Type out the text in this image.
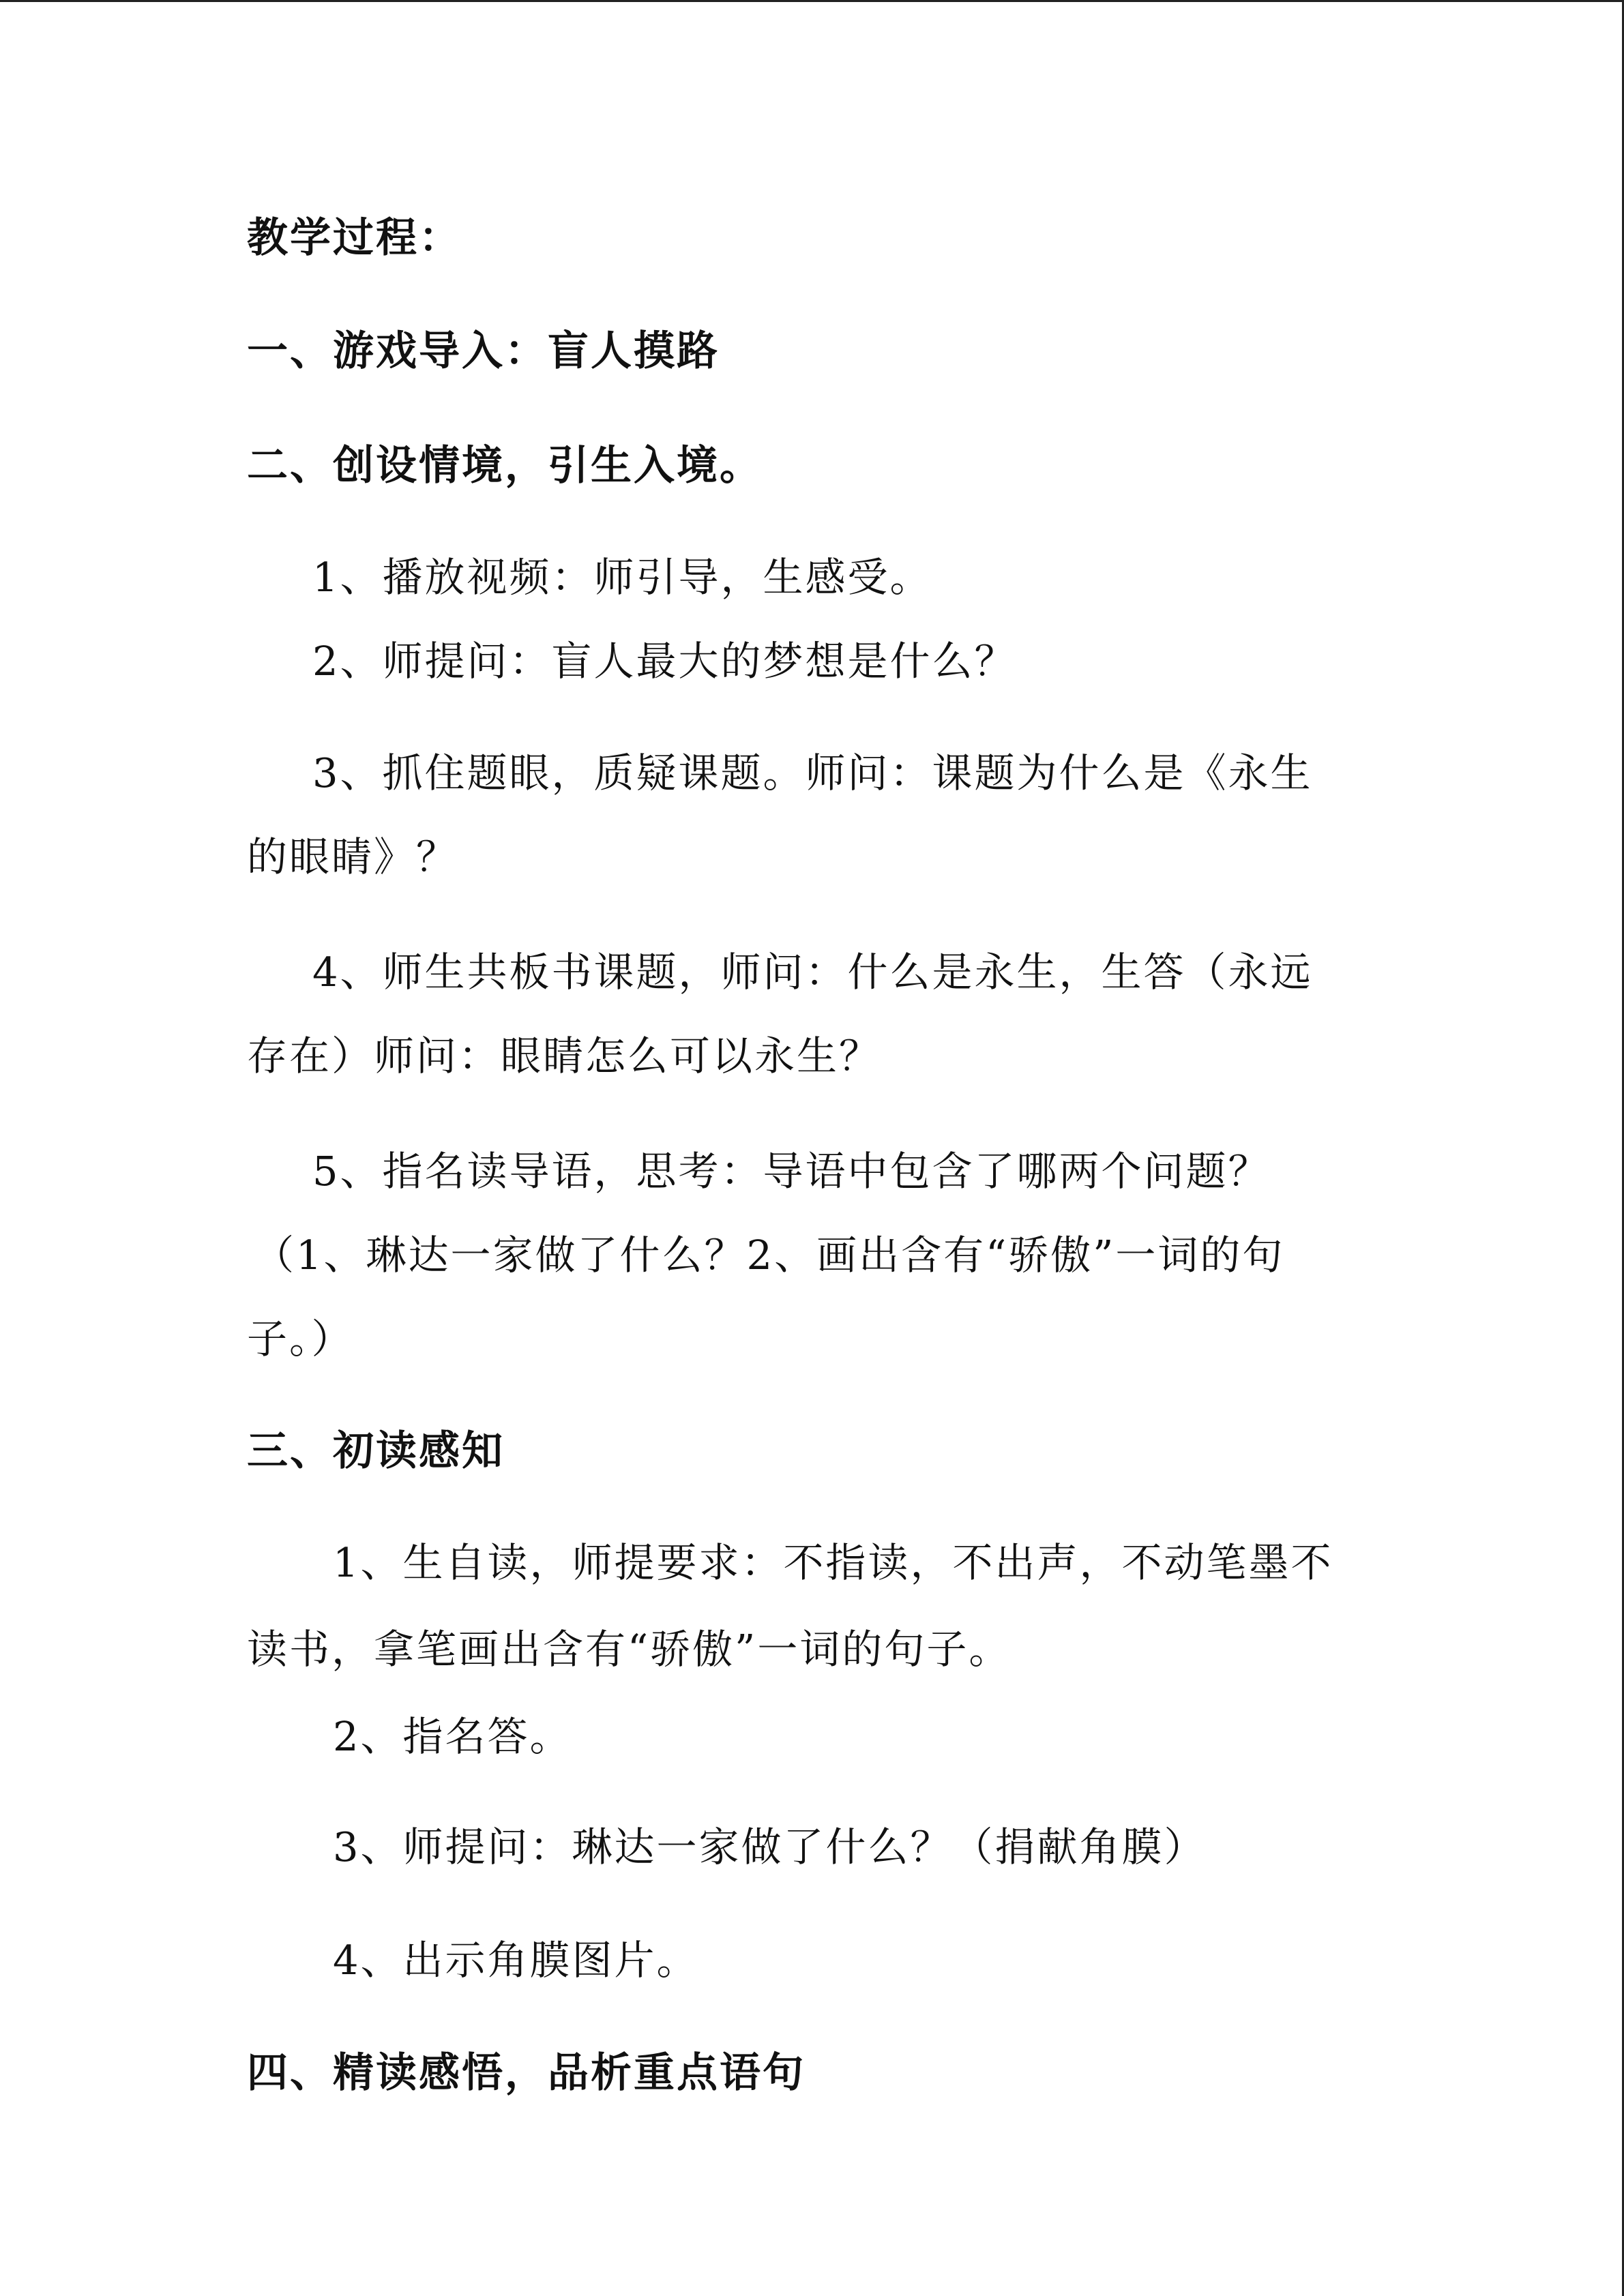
教学过程：
一、游戏导入：盲人摸路
二、创设情境，引生入境。
1、播放视频：师引导，生感受。
2、师提问：盲人最大的梦想是什么？
3、抓住题眼，质疑课题。师问：课题为什么是《永生
的眼睛》？
4、师生共板书课题，师问：什么是永生，生答（永远
存在）师问：眼睛怎么可以永生？
5、指名读导语，思考：导语中包含了哪两个问题？
（1、琳达一家做了什么？2、画出含有“骄傲”一词的句
子。）
三、初读感知
1、生自读，师提要求：不指读，不出声，不动笔墨不
读书，拿笔画出含有“骄傲”一词的句子。
2、指名答。
3、师提问：琳达一家做了什么？（捐献角膜）
4、出示角膜图片。
四、精读感悟，品析重点语句
